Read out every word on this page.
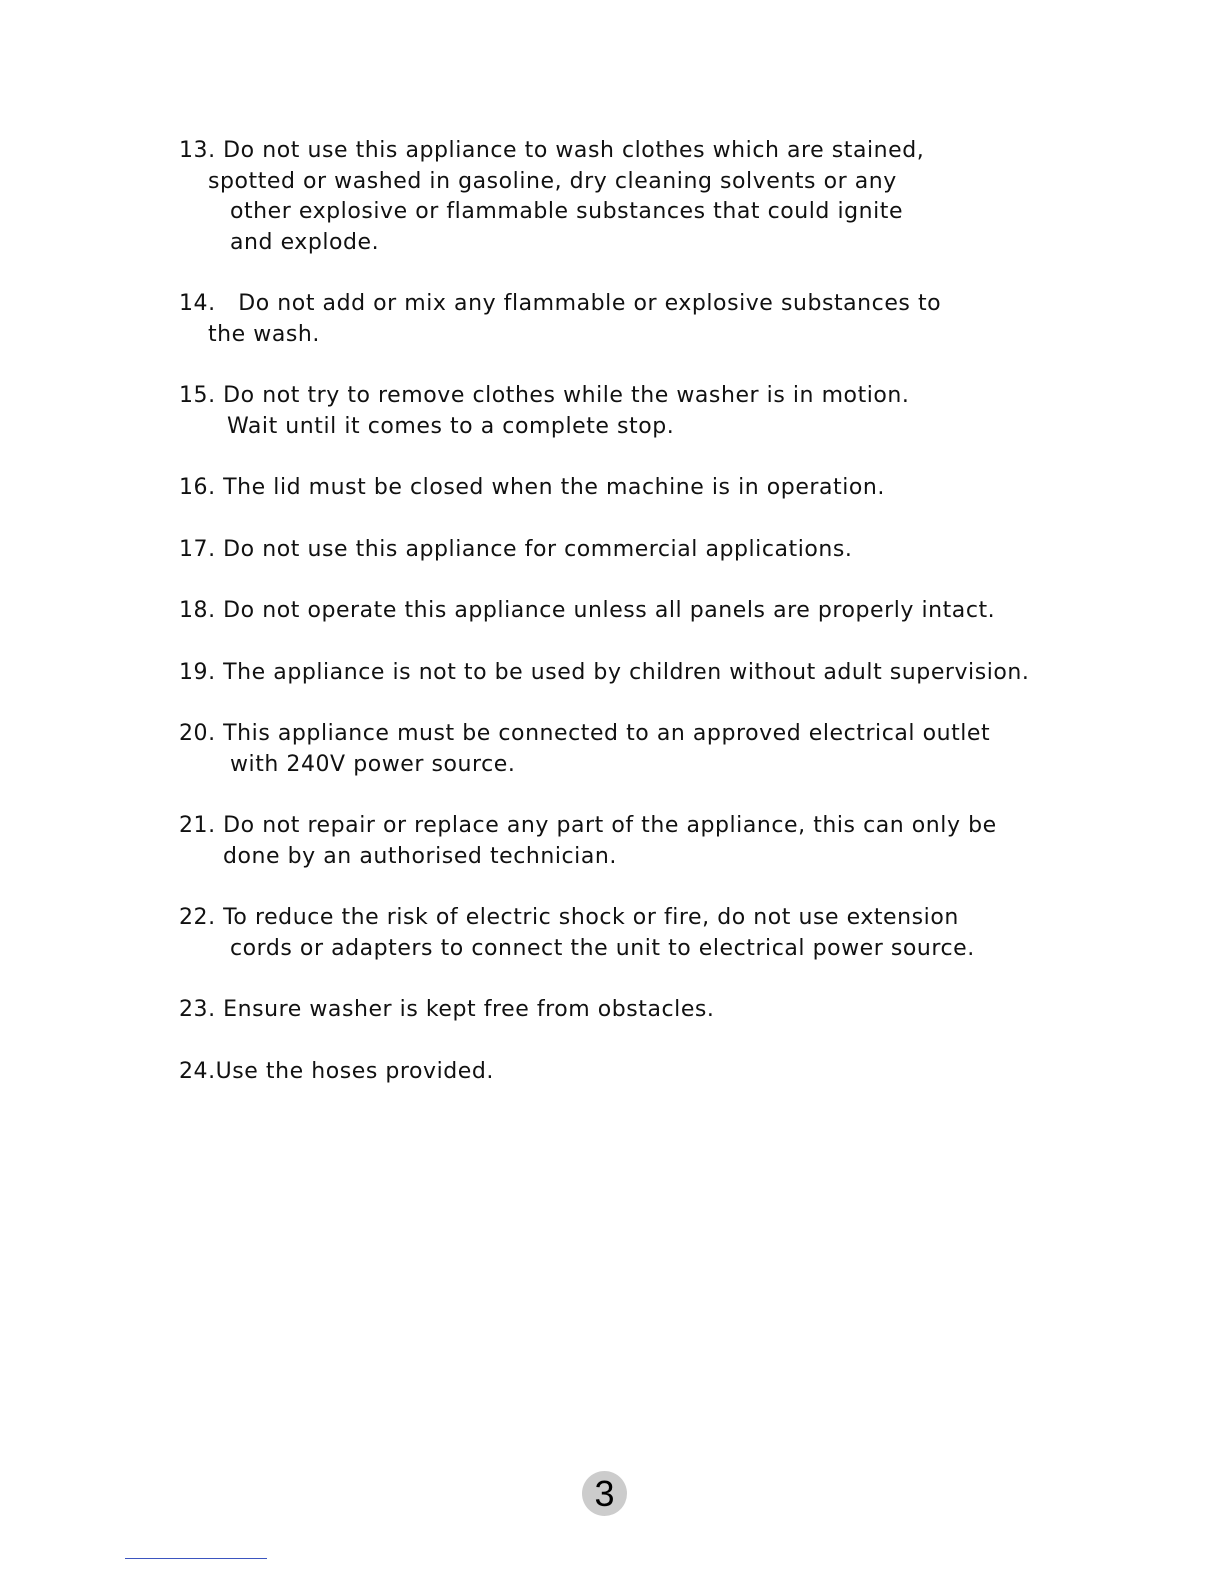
13. Do not use this appliance to wash clothes which are stained,
spotted or washed in gasoline, dry cleaning solvents or any
other explosive or flammable substances that could ignite
and explode.
14.   Do not add or mix any flammable or explosive substances to
the wash.
15. Do not try to remove clothes while the washer is in motion.
Wait until it comes to a complete stop.
16. The lid must be closed when the machine is in operation.
17. Do not use this appliance for commercial applications.
18. Do not operate this appliance unless all panels are properly intact.
19. The appliance is not to be used by children without adult supervision.
20. This appliance must be connected to an approved electrical outlet
with 240V power source.
21. Do not repair or replace any part of the appliance, this can only be
done by an authorised technician.
22. To reduce the risk of electric shock or fire, do not use extension
cords or adapters to connect the unit to electrical power source.
23. Ensure washer is kept free from obstacles.
24.Use the hoses provided.
3
